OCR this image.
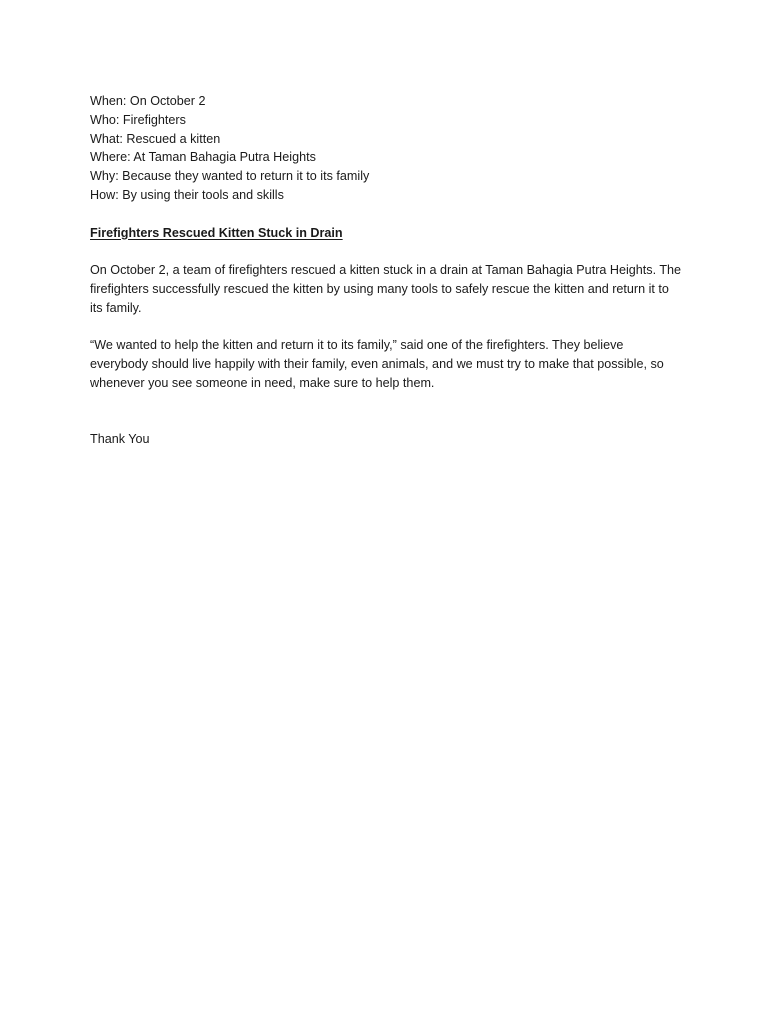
When: On October 2
Who: Firefighters
What: Rescued a kitten
Where: At Taman Bahagia Putra Heights
Why: Because they wanted to return it to its family
How: By using their tools and skills

Firefighters Rescued Kitten Stuck in Drain

On October 2, a team of firefighters rescued a kitten stuck in a drain at Taman Bahagia Putra Heights. The firefighters successfully rescued the kitten by using many tools to safely rescue the kitten and return it to its family.

“We wanted to help the kitten and return it to its family,” said one of the firefighters. They believe everybody should live happily with their family, even animals, and we must try to make that possible, so whenever you see someone in need, make sure to help them.

Thank You
